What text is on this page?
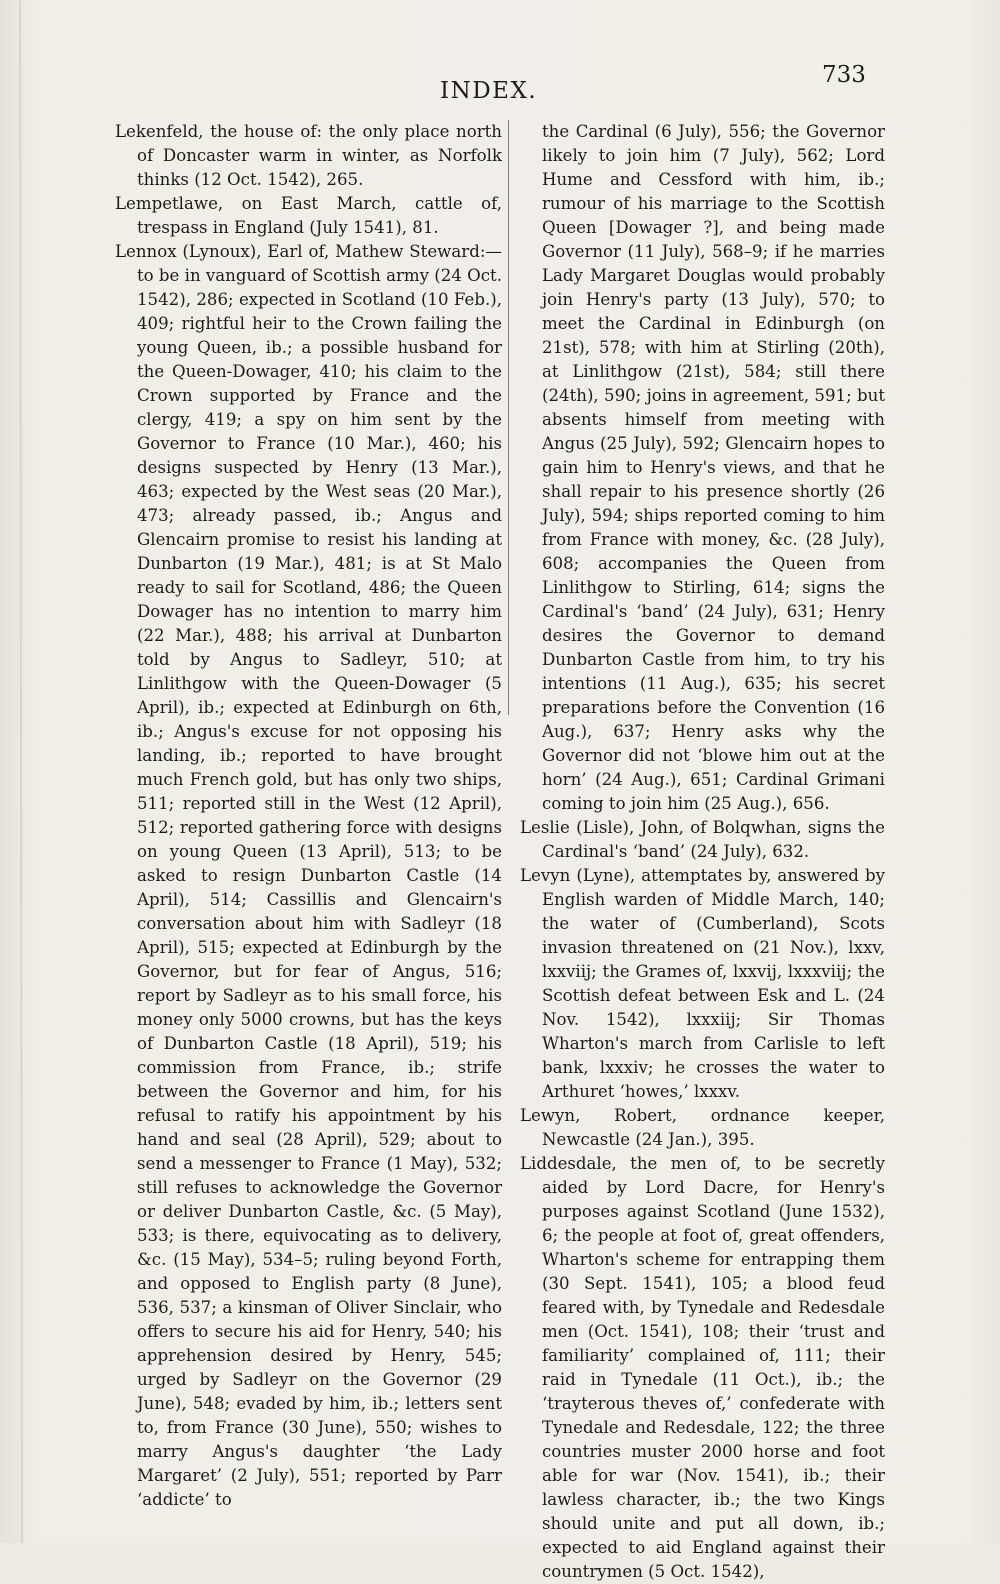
INDEX.
733

Lekenfeld, the house of: the only place north of Doncaster warm in winter, as Norfolk thinks (12 Oct. 1542), 265.

Lempetlawe, on East March, cattle of, trespass in England (July 1541), 81.

Lennox (Lynoux), Earl of, Mathew Steward:— to be in vanguard of Scottish army (24 Oct. 1542), 286; expected in Scotland (10 Feb.), 409; rightful heir to the Crown failing the young Queen, ib.; a possible husband for the Queen-Dowager, 410; his claim to the Crown supported by France and the clergy, 419; a spy on him sent by the Governor to France (10 Mar.), 460; his designs suspected by Henry (13 Mar.), 463; expected by the West seas (20 Mar.), 473; already passed, ib.; Angus and Glencairn promise to resist his landing at Dunbarton (19 Mar.), 481; is at St Malo ready to sail for Scotland, 486; the Queen Dowager has no intention to marry him (22 Mar.), 488; his arrival at Dunbarton told by Angus to Sadleyr, 510; at Linlithgow with the Queen-Dowager (5 April), ib.; expected at Edinburgh on 6th, ib.; Angus's excuse for not opposing his landing, ib.; reported to have brought much French gold, but has only two ships, 511; reported still in the West (12 April), 512; reported gathering force with designs on young Queen (13 April), 513; to be asked to resign Dunbarton Castle (14 April), 514; Cassillis and Glencairn's conversation about him with Sadleyr (18 April), 515; expected at Edinburgh by the Governor, but for fear of Angus, 516; report by Sadleyr as to his small force, his money only 5000 crowns, but has the keys of Dunbarton Castle (18 April), 519; his commission from France, ib.; strife between the Governor and him, for his refusal to ratify his appointment by his hand and seal (28 April), 529; about to send a messenger to France (1 May), 532; still refuses to acknowledge the Governor or deliver Dunbarton Castle, &c. (5 May), 533; is there, equivocating as to delivery, &c. (15 May), 534–5; ruling beyond Forth, and opposed to English party (8 June), 536, 537; a kinsman of Oliver Sinclair, who offers to secure his aid for Henry, 540; his apprehension desired by Henry, 545; urged by Sadleyr on the Governor (29 June), 548; evaded by him, ib.; letters sent to, from France (30 June), 550; wishes to marry Angus's daughter ‘the Lady Margaret’ (2 July), 551; reported by Parr ‘addicte’ to

the Cardinal (6 July), 556; the Governor likely to join him (7 July), 562; Lord Hume and Cessford with him, ib.; rumour of his marriage to the Scottish Queen [Dowager ?], and being made Governor (11 July), 568–9; if he marries Lady Margaret Douglas would probably join Henry's party (13 July), 570; to meet the Cardinal in Edinburgh (on 21st), 578; with him at Stirling (20th), at Linlithgow (21st), 584; still there (24th), 590; joins in agreement, 591; but absents himself from meeting with Angus (25 July), 592; Glencairn hopes to gain him to Henry's views, and that he shall repair to his presence shortly (26 July), 594; ships reported coming to him from France with money, &c. (28 July), 608; accompanies the Queen from Linlithgow to Stirling, 614; signs the Cardinal's ‘band’ (24 July), 631; Henry desires the Governor to demand Dunbarton Castle from him, to try his intentions (11 Aug.), 635; his secret preparations before the Convention (16 Aug.), 637; Henry asks why the Governor did not ‘blowe him out at the horn’ (24 Aug.), 651; Cardinal Grimani coming to join him (25 Aug.), 656.

Leslie (Lisle), John, of Bolqwhan, signs the Cardinal's ‘band’ (24 July), 632.

Levyn (Lyne), attemptates by, answered by English warden of Middle March, 140; the water of (Cumberland), Scots invasion threatened on (21 Nov.), lxxv, lxxviij; the Grames of, lxxvij, lxxxviij; the Scottish defeat between Esk and L. (24 Nov. 1542), lxxxiij; Sir Thomas Wharton's march from Carlisle to left bank, lxxxiv; he crosses the water to Arthuret ‘howes,’ lxxxv.

Lewyn, Robert, ordnance keeper, Newcastle (24 Jan.), 395.

Liddesdale, the men of, to be secretly aided by Lord Dacre, for Henry's purposes against Scotland (June 1532), 6; the people at foot of, great offenders, Wharton's scheme for entrapping them (30 Sept. 1541), 105; a blood feud feared with, by Tynedale and Redesdale men (Oct. 1541), 108; their ‘trust and familiarity’ complained of, 111; their raid in Tynedale (11 Oct.), ib.; the ‘trayterous theves of,’ confederate with Tynedale and Redesdale, 122; the three countries muster 2000 horse and foot able for war (Nov. 1541), ib.; their lawless character, ib.; the two Kings should unite and put all down, ib.; expected to aid England against their countrymen (5 Oct. 1542),
